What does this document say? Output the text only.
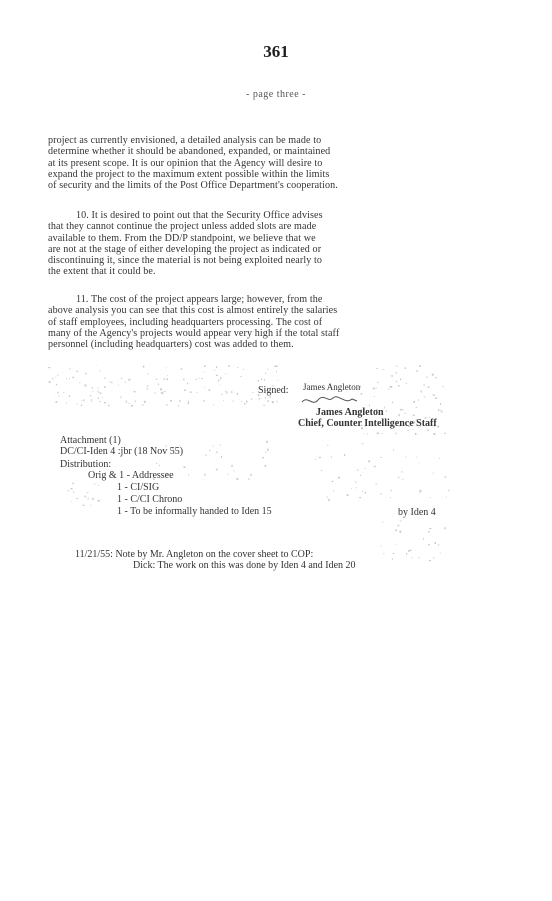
361
- page three -
project as currently envisioned, a detailed analysis can be made to
determine whether it should be abandoned, expanded, or maintained
at its present scope. It is our opinion that the Agency will desire to
expand the project to the maximum extent possible within the limits
of security and the limits of the Post Office Department's cooperation.
10. It is desired to point out that the Security Office advises
that they cannot continue the project unless added slots are made
available to them. From the DD/P standpoint, we believe that we
are not at the stage of either developing the project as indicated or
discontinuing it, since the material is not being exploited nearly to
the extent that it could be.
11. The cost of the project appears large; however, from the
above analysis you can see that this cost is almost entirely the salaries
of staff employees, including headquarters processing. The cost of
many of the Agency's projects would appear very high if the total staff
personnel (including headquarters) cost was added to them.
Signed: James Angleton
James Angleton
Chief, Counter Intelligence Staff
Attachment (1)
DC/CI-Iden 4 :jbr (18 Nov 55)
Distribution:
Orig & 1 - Addressee
1 - CI/SIG
1 - C/CI Chrono
1 - To be informally handed to Iden 15	by Iden 4
11/21/55: Note by Mr. Angleton on the cover sheet to COP:
Dick: The work on this was done by Iden 4 and Iden 20
